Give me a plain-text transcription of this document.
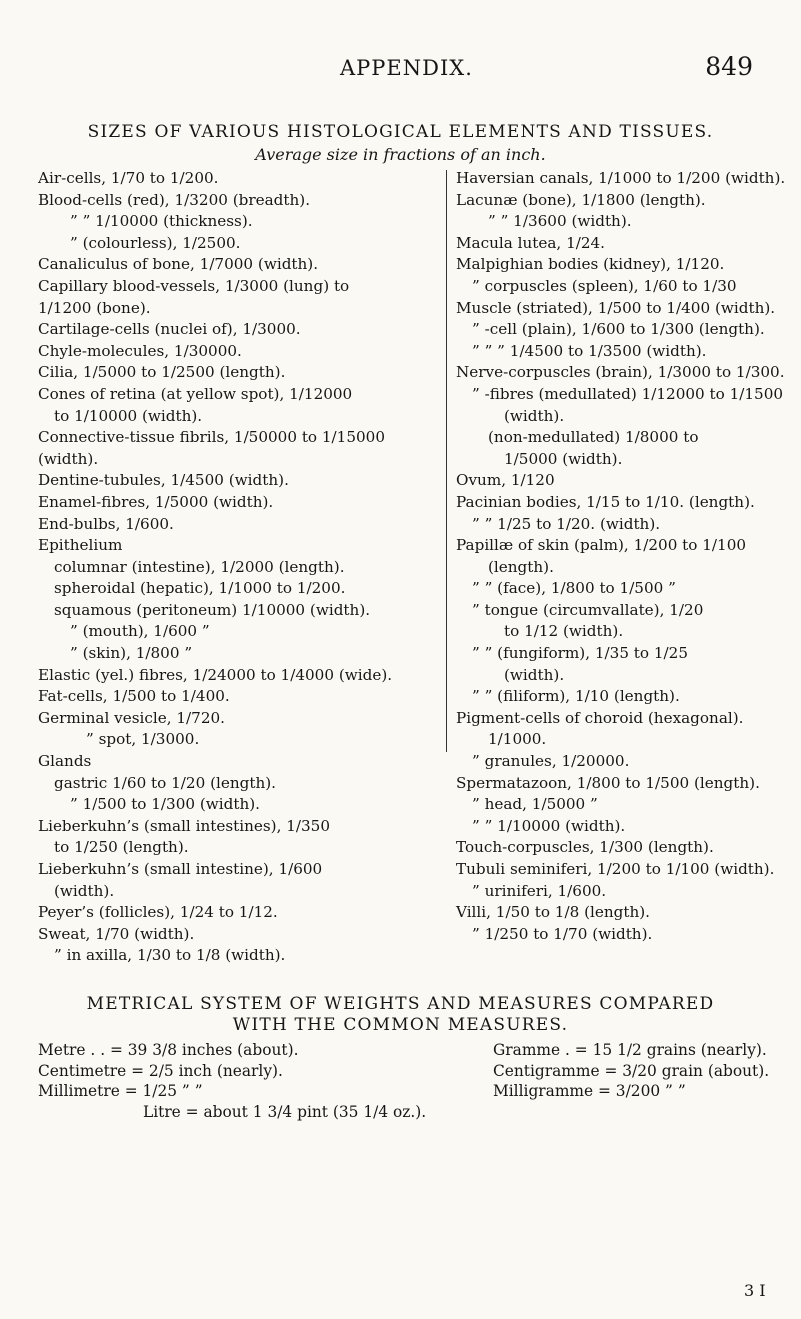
APPENDIX.	849
SIZES OF VARIOUS HISTOLOGICAL ELEMENTS AND TISSUES.
Average size in fractions of an inch.
Air-cells, 1/70 to 1/200.
Blood-cells (red), 1/3200 (breadth).
” ” 1/10000 (thickness).
” (colourless), 1/2500.
Canaliculus of bone, 1/7000 (width).
Capillary blood-vessels, 1/3000 (lung) to
1/1200 (bone).
Cartilage-cells (nuclei of), 1/3000.
Chyle-molecules, 1/30000.
Cilia, 1/5000 to 1/2500 (length).
Cones of retina (at yellow spot), 1/12000
to 1/10000 (width).
Connective-tissue fibrils, 1/50000 to 1/15000
(width).
Dentine-tubules, 1/4500 (width).
Enamel-fibres, 1/5000 (width).
End-bulbs, 1/600.
Epithelium
columnar (intestine), 1/2000 (length).
spheroidal (hepatic), 1/1000 to 1/200.
squamous (peritoneum) 1/10000 (width).
” (mouth), 1/600 ”
” (skin), 1/800 ”
Elastic (yel.) fibres, 1/24000 to 1/4000 (wide).
Fat-cells, 1/500 to 1/400.
Germinal vesicle, 1/720.
” spot, 1/3000.
Glands
gastric 1/60 to 1/20 (length).
” 1/500 to 1/300 (width).
Lieberkuhn’s (small intestines), 1/350
to 1/250 (length).
Lieberkuhn’s (small intestine), 1/600
(width).
Peyer’s (follicles), 1/24 to 1/12.
Sweat, 1/70 (width).
” in axilla, 1/30 to 1/8 (width).
Haversian canals, 1/1000 to 1/200 (width).
Lacunæ (bone), 1/1800 (length).
” ” 1/3600 (width).
Macula lutea, 1/24.
Malpighian bodies (kidney), 1/120.
” corpuscles (spleen), 1/60 to 1/30
Muscle (striated), 1/500 to 1/400 (width).
” -cell (plain), 1/600 to 1/300 (length).
” ” ” 1/4500 to 1/3500 (width).
Nerve-corpuscles (brain), 1/3000 to 1/300.
” -fibres (medullated) 1/12000 to 1/1500
(width).
(non-medullated) 1/8000 to
1/5000 (width).
Ovum, 1/120
Pacinian bodies, 1/15 to 1/10. (length).
” ” 1/25 to 1/20. (width).
Papillæ of skin (palm), 1/200 to 1/100
(length).
” ” (face), 1/800 to 1/500 ”
” tongue (circumvallate), 1/20
to 1/12 (width).
” ” (fungiform), 1/35 to 1/25
(width).
” ” (filiform), 1/10 (length).
Pigment-cells of choroid (hexagonal).
1/1000.
” granules, 1/20000.
Spermatazoon, 1/800 to 1/500 (length).
” head, 1/5000 ”
” ” 1/10000 (width).
Touch-corpuscles, 1/300 (length).
Tubuli seminiferi, 1/200 to 1/100 (width).
” uriniferi, 1/600.
Villi, 1/50 to 1/8 (length).
” 1/250 to 1/70 (width).
METRICAL SYSTEM OF WEIGHTS AND MEASURES COMPARED
WITH THE COMMON MEASURES.
Metre . . = 39 3/8 inches (about).	Gramme . = 15 1/2 grains (nearly).
Centimetre = 2/5 inch (nearly).	Centigramme = 3/20 grain (about).
Millimetre = 1/25 ” ”	Milligramme = 3/200 ” ”
Litre = about 1 3/4 pint (35 1/4 oz.).
3 I
